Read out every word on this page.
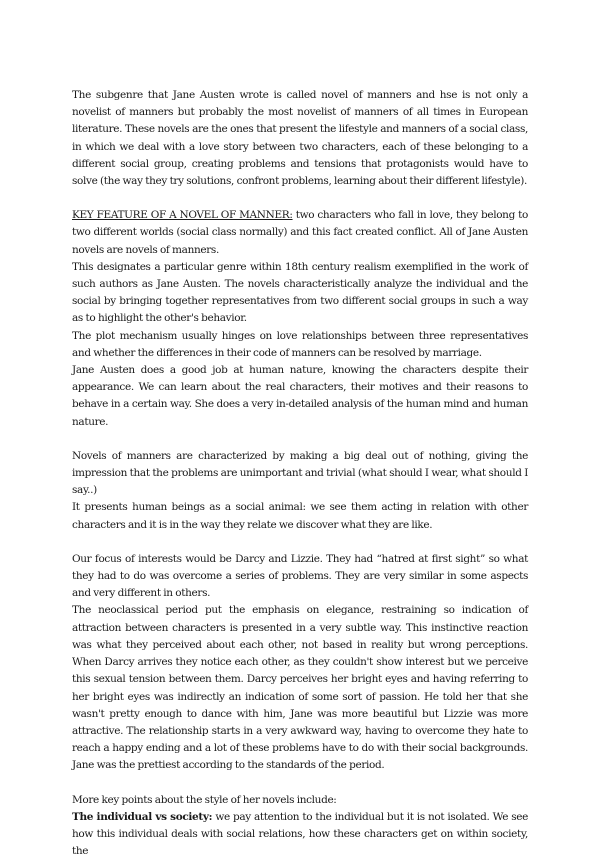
The subgenre that Jane Austen wrote is called novel of manners and hse is not only a novelist of manners but probably the most novelist of manners of all times in European literature. These novels are the ones that present the lifestyle and manners of a social class, in which we deal with a love story between two characters, each of these belonging to a different social group, creating problems and tensions that protagonists would have to solve (the way they try solutions, confront problems, learning about their different lifestyle).

KEY FEATURE OF A NOVEL OF MANNER: two characters who fall in love, they belong to two different worlds (social class normally) and this fact created conflict. All of Jane Austen novels are novels of manners.

This designates a particular genre within 18th century realism exemplified in the work of such authors as Jane Austen. The novels characteristically analyze the individual and the social by bringing together representatives from two different social groups in such a way as to highlight the other's behavior.

The plot mechanism usually hinges on love relationships between three representatives and whether the differences in their code of manners can be resolved by marriage.

Jane Austen does a good job at human nature, knowing the characters despite their appearance. We can learn about the real characters, their motives and their reasons to behave in a certain way. She does a very in-detailed analysis of the human mind and human nature.

Novels of manners are characterized by making a big deal out of nothing, giving the impression that the problems are unimportant and trivial (what should I wear, what should I say..)

It presents human beings as a social animal: we see them acting in relation with other characters and it is in the way they relate we discover what they are like.

Our focus of interests would be Darcy and Lizzie. They had “hatred at first sight” so what they had to do was overcome a series of problems. They are very similar in some aspects and very different in others.

The neoclassical period put the emphasis on elegance, restraining so indication of attraction between characters is presented in a very subtle way. This instinctive reaction was what they perceived about each other, not based in reality but wrong perceptions. When Darcy arrives they notice each other, as they couldn't show interest but we perceive this sexual tension between them. Darcy perceives her bright eyes and having referring to her bright eyes was indirectly an indication of some sort of passion. He told her that she wasn't pretty enough to dance with him, Jane was more beautiful but Lizzie was more attractive. The relationship starts in a very awkward way, having to overcome they hate to reach a happy ending and a lot of these problems have to do with their social backgrounds. Jane was the prettiest according to the standards of the period.

More key points about the style of her novels include:

The individual vs society: we pay attention to the individual but it is not isolated. We see how this individual deals with social relations, how these characters get on within society, the
